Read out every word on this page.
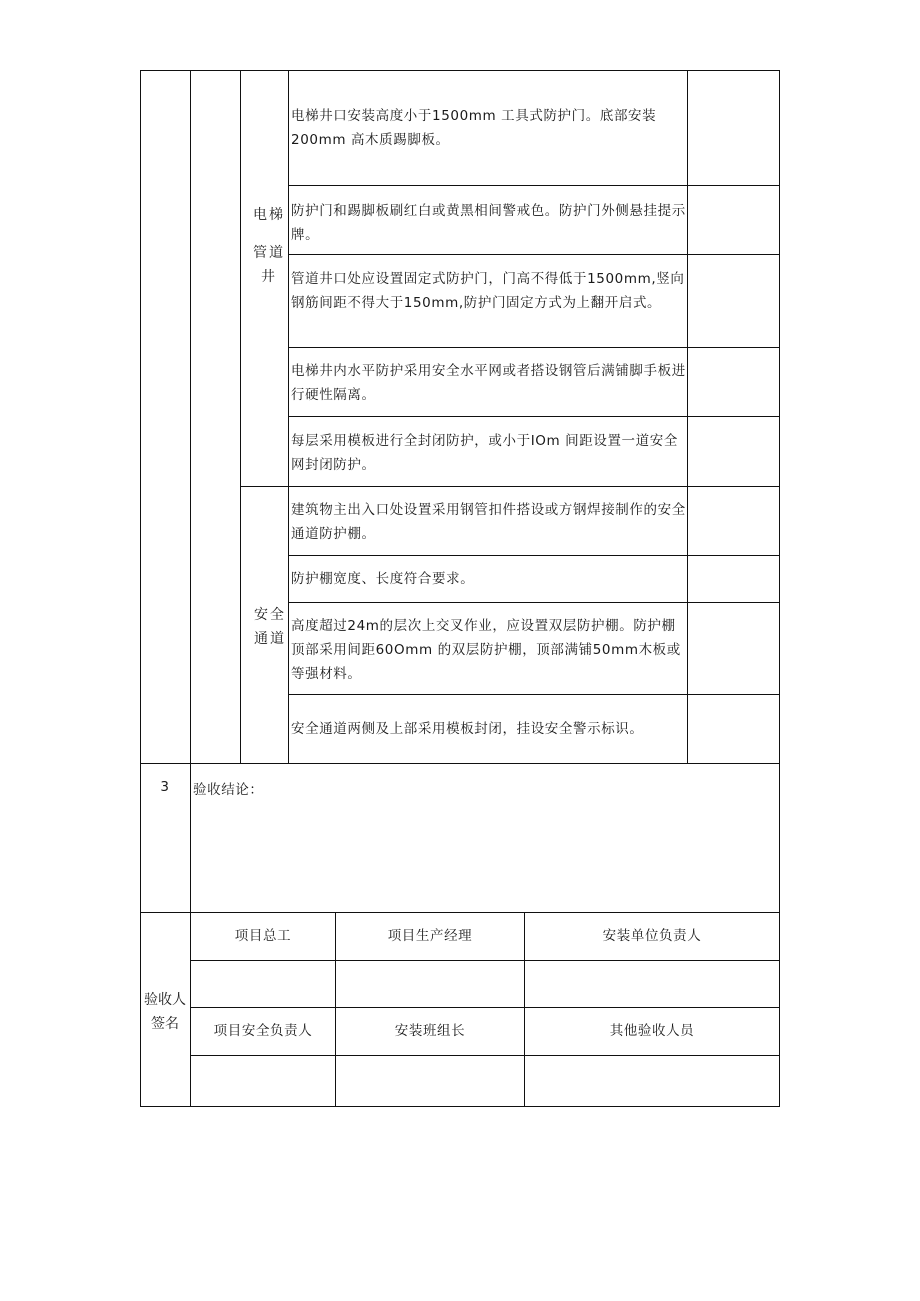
电梯
管道
井
电梯井口安装高度小于1500mm 工具式防护门。底部安装200mm 高木质踢脚板。
防护门和踢脚板刷红白或黄黑相间警戒色。防护门外侧悬挂提示牌。
管道井口处应设置固定式防护门，门高不得低于1500mm,竖向钢筋间距不得大于150mm,防护门固定方式为上翻开启式。
电梯井内水平防护采用安全水平网或者搭设钢管后满铺脚手板进行硬性隔离。
每层采用模板进行全封闭防护，或小于IOm 间距设置一道安全网封闭防护。
安全
通道
建筑物主出入口处设置采用钢管扣件搭设或方钢焊接制作的安全通道防护棚。
防护棚宽度、长度符合要求。
高度超过24m的层次上交叉作业，应设置双层防护棚。防护棚顶部采用间距60Omm 的双层防护棚，顶部满铺50mm木板或等强材料。
安全通道两侧及上部采用模板封闭，挂设安全警示标识。
3	验收结论：
验收人
签名
项目总工	项目生产经理	安装单位负责人
项目安全负责人	安装班组长	其他验收人员
